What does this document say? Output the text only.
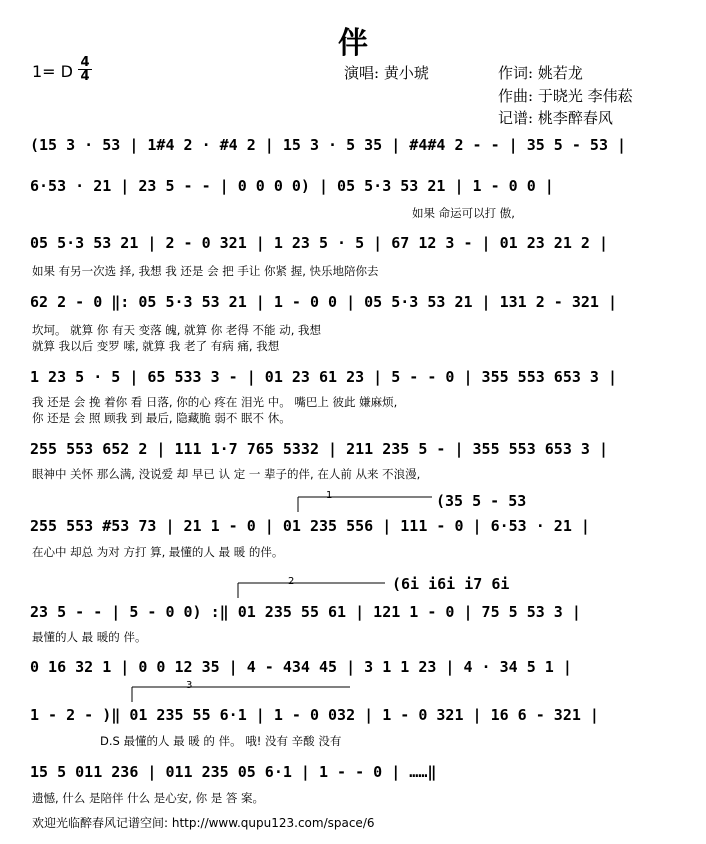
伴
1= D 4
4	演唱: 黄小琥	作词: 姚若龙
作曲: 于晓光 李伟菘
记谱: 桃李醉春风
(15 3 · 53 | 1#4 2 · #4 2 | 15 3 · 5 35 | #4#4 2 - - | 35 5 - 53 |
6·53 · 21 | 23 5 - - | 0 0 0 0) | 05 5·3 53 21 | 1 - 0 0 |
05 5·3 53 21 | 2 - 0 321 | 1 23 5 · 5 | 67 12 3 - | 01 23 21 2 |
62 2 - 0 ‖: 05 5·3 53 21 | 1 - 0 0 | 05 5·3 53 21 | 131 2 - 321 |
1 23 5 · 5 | 65 533 3 - | 01 23 61 23 | 5 - - 0 | 355 553 653 3 |
255 553 652 2 | 111 1·7 765 5332 | 211 235 5 - | 355 553 653 3 |
255 553 #53 73 | 21 1 - 0 | 01 235 556 | 111 - 0 | 6·53 · 21 |
23 5 - - | 5 - 0 0) :‖ 01 235 55 61 | 121 1 - 0 | 75 5 53 3 |
0 16 32 1 | 0 0 12 35 | 4 - 434 45 | 3 1 1 23 | 4 · 34 5 1 |
1 - 2 - )‖ 01 235 55 6·1 | 1 - 0 032 | 1 - 0 321 | 16 6 - 321 |
15 5 011 236 | 011 235 05 6·1 | 1 - - 0 | ……‖
如果 命运可以打 傲,
如果 有另一次选 择, 我想 我 还是 会 把 手让 你紧 握, 快乐地陪你去
坎坷。 就算 你 有天 变落 魄, 就算 你 老得 不能 动, 我想
就算 我以后 变罗 嗦, 就算 我 老了 有病 痛, 我想
我 还是 会 挽 着你 看 日落, 你的心 疼在 泪光 中。 嘴巴上 彼此 嫌麻烦,
你 还是 会 照 顾我 到 最后, 隐藏脆 弱不 眠不 休。
眼神中 关怀 那么满, 没说爱 却 早已 认 定 一 辈子的伴, 在人前 从来 不浪漫,
在心中 却总 为对 方打 算, 最懂的人 最 暖 的伴。
最懂的人 最 暖的 伴。
D.S 最懂的人 最 暖 的 伴。 哦! 没有 辛酸 没有
遗憾, 什么 是陪伴 什么 是心安, 你 是 答 案。
1
2
3
(35 5 - 53
(6i i6i i7 6i
欢迎光临醉春风记谱空间: http://www.qupu123.com/space/6
